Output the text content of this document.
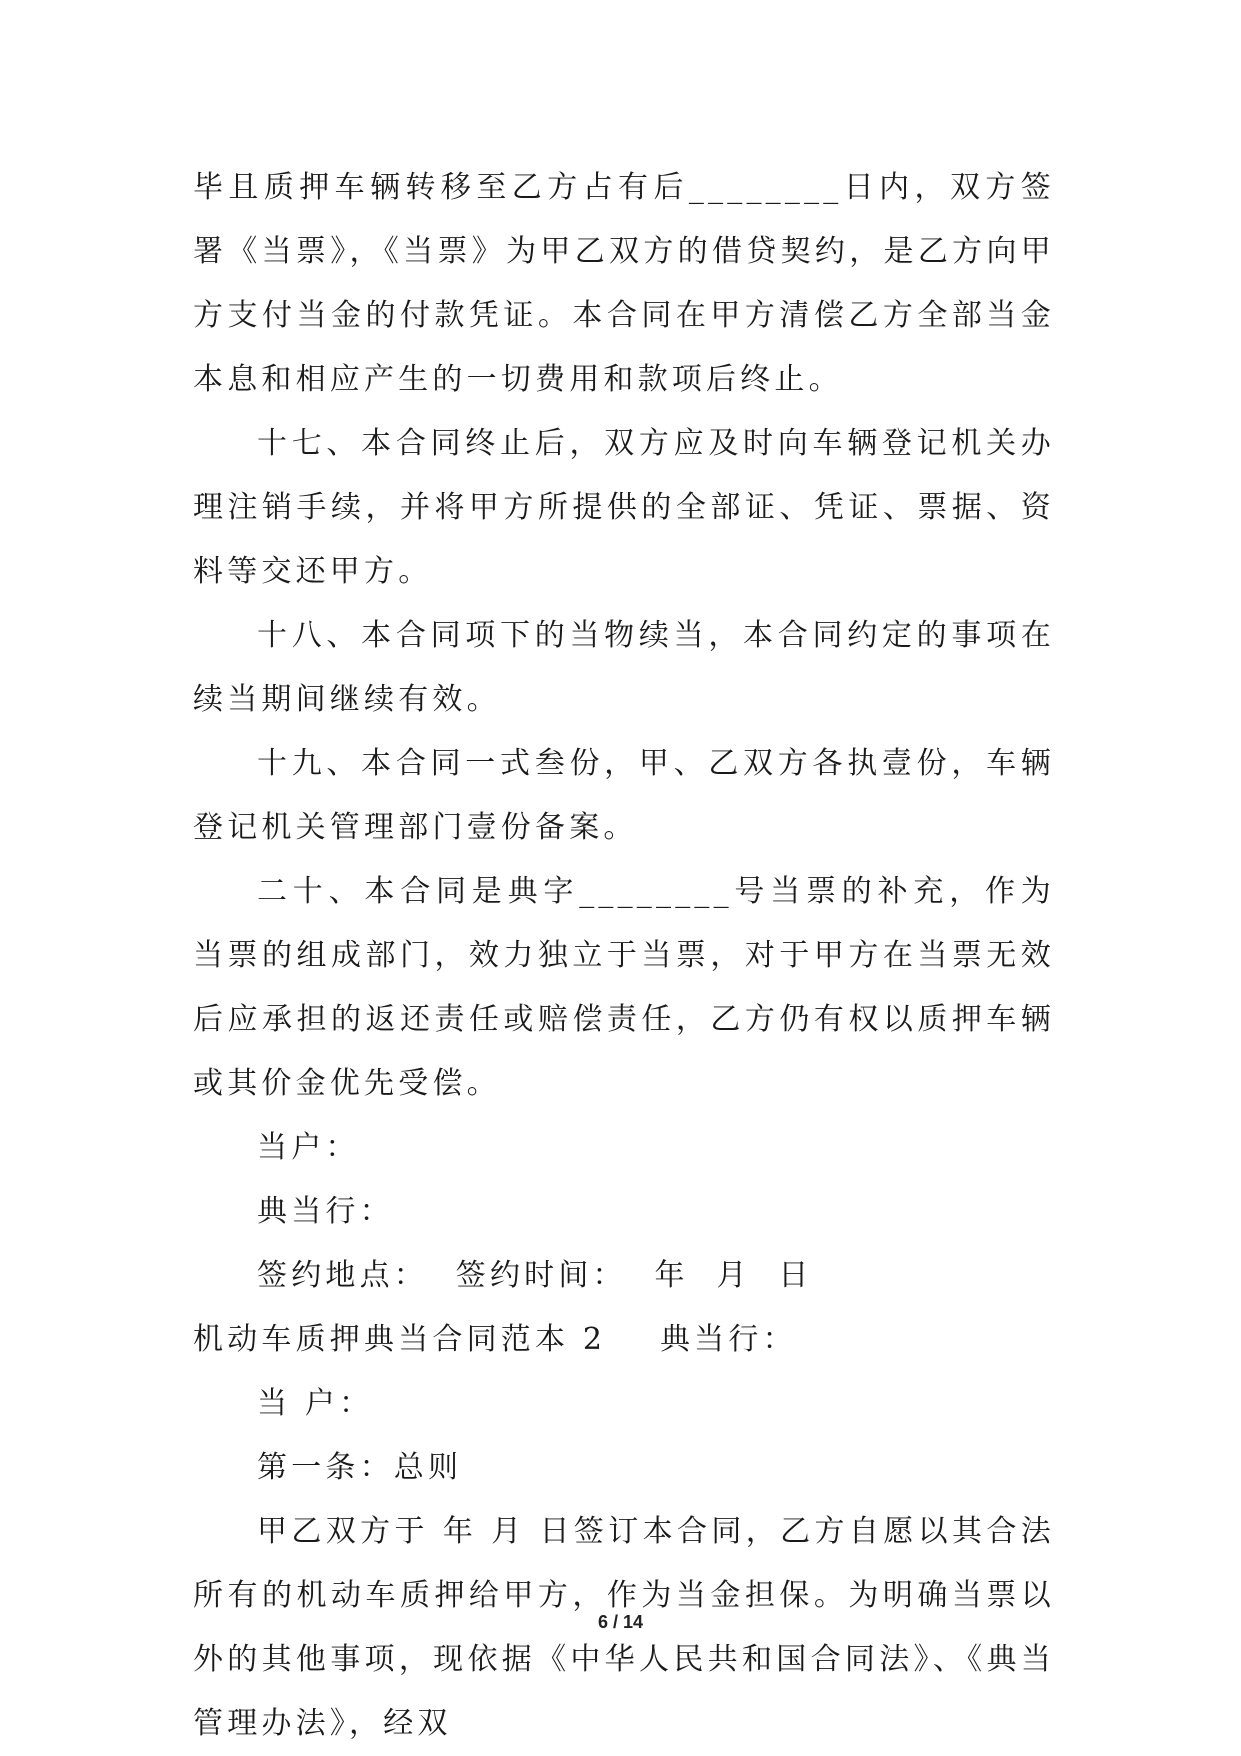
毕且质押车辆转移至乙方占有后________日内，双方签署《当票》，《当票》为甲乙双方的借贷契约，是乙方向甲方支付当金的付款凭证。本合同在甲方清偿乙方全部当金本息和相应产生的一切费用和款项后终止。

十七、本合同终止后，双方应及时向车辆登记机关办理注销手续，并将甲方所提供的全部证、凭证、票据、资料等交还甲方。

十八、本合同项下的当物续当，本合同约定的事项在续当期间继续有效。

十九、本合同一式叁份，甲、乙双方各执壹份，车辆登记机关管理部门壹份备案。

二十、本合同是典字________号当票的补充，作为当票的组成部门，效力独立于当票，对于甲方在当票无效后应承担的返还责任或赔偿责任，乙方仍有权以质押车辆或其价金优先受偿。

当户：

典当行：

签约地点： 签约时间： 年 月 日

机动车质押典当合同范本 2 典当行：

当 户：

第一条：总则

甲乙双方于 年 月 日签订本合同，乙方自愿以其合法所有的机动车质押给甲方，作为当金担保。为明确当票以外的其他事项，现依据《中华人民共和国合同法》、《典当管理办法》，经双

6 / 14
